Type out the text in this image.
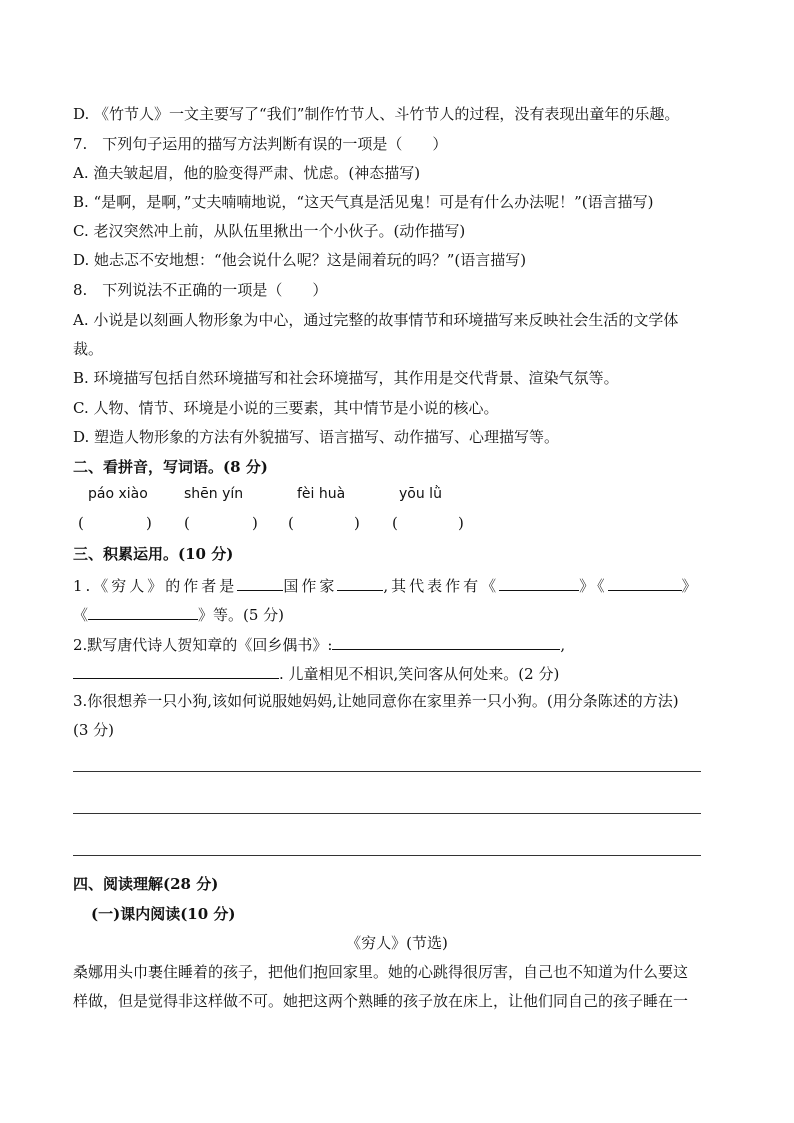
D. 《竹节人》一文主要写了“我们”制作竹节人、斗竹节人的过程，没有表现出童年的乐趣。
7.　下列句子运用的描写方法判断有误的一项是（　　）
A. 渔夫皱起眉，他的脸变得严肃、忧虑。(神态描写)
B. “是啊，是啊，”丈夫喃喃地说，“这天气真是活见鬼！可是有什么办法呢！”(语言描写)
C. 老汉突然冲上前，从队伍里揪出一个小伙子。(动作描写)
D. 她忐忑不安地想：“他会说什么呢？这是闹着玩的吗？”(语言描写)
8.　下列说法不正确的一项是（　　）
A. 小说是以刻画人物形象为中心，通过完整的故事情节和环境描写来反映社会生活的文学体
裁。
B. 环境描写包括自然环境描写和社会环境描写，其作用是交代背景、渲染气氛等。
C. 人物、情节、环境是小说的三要素，其中情节是小说的核心。
D. 塑造人物形象的方法有外貌描写、语言描写、动作描写、心理描写等。
二、看拼音，写词语。(8 分)
páo xiào	shēn yín	fèi huà	yōu lǜ
(	) (	) (	) (	)
三、积累运用。(10 分)
1.《穷人》的作者是	国作家	,其代表作有《	》《	》
《	》等。(5 分)
2.默写唐代诗人贺知章的《回乡偶书》:	,
. 儿童相见不相识,笑问客从何处来。(2 分)
3.你很想养一只小狗,该如何说服她妈妈,让她同意你在家里养一只小狗。(用分条陈述的方法)
(3 分)
四、阅读理解(28 分)
(一)课内阅读(10 分)
《穷人》(节选)
桑娜用头巾裹住睡着的孩子，把他们抱回家里。她的心跳得很厉害，自己也不知道为什么要这
样做，但是觉得非这样做不可。她把这两个熟睡的孩子放在床上，让他们同自己的孩子睡在一
